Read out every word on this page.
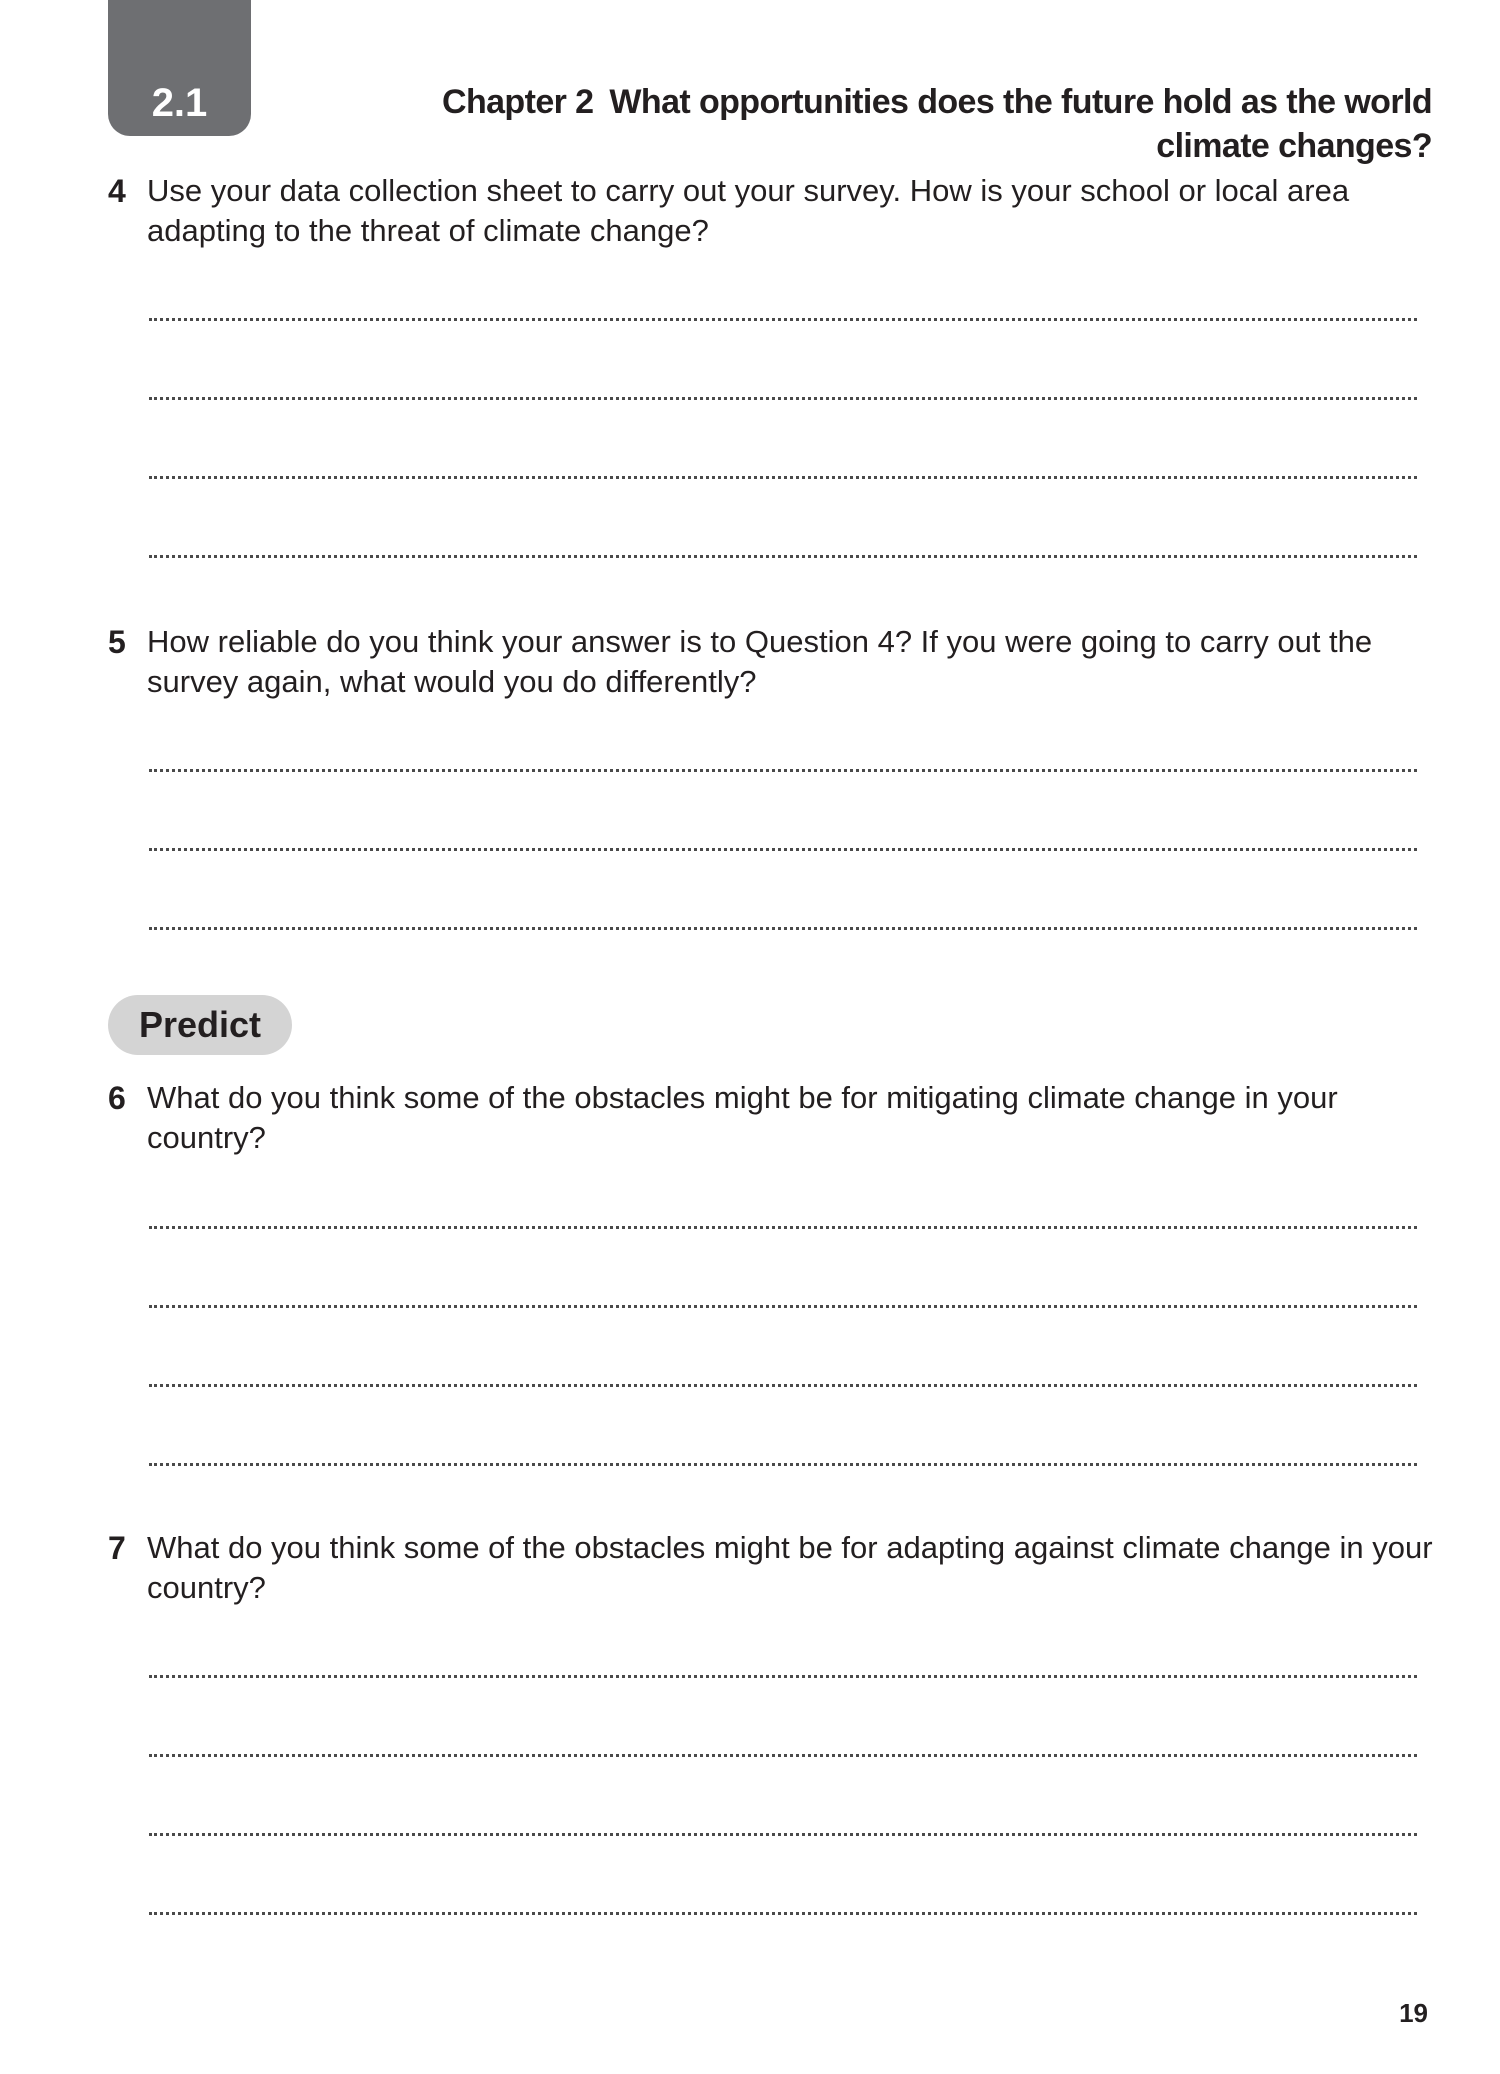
2.1	Chapter 2 What opportunities does the future hold as the world
climate changes?
4 Use your data collection sheet to carry out your survey. How is your school or local area adapting to the threat of climate change?
5 How reliable do you think your answer is to Question 4? If you were going to carry out the survey again, what would you do differently?
Predict
6 What do you think some of the obstacles might be for mitigating climate change in your country?
7 What do you think some of the obstacles might be for adapting against climate change in your country?
19
